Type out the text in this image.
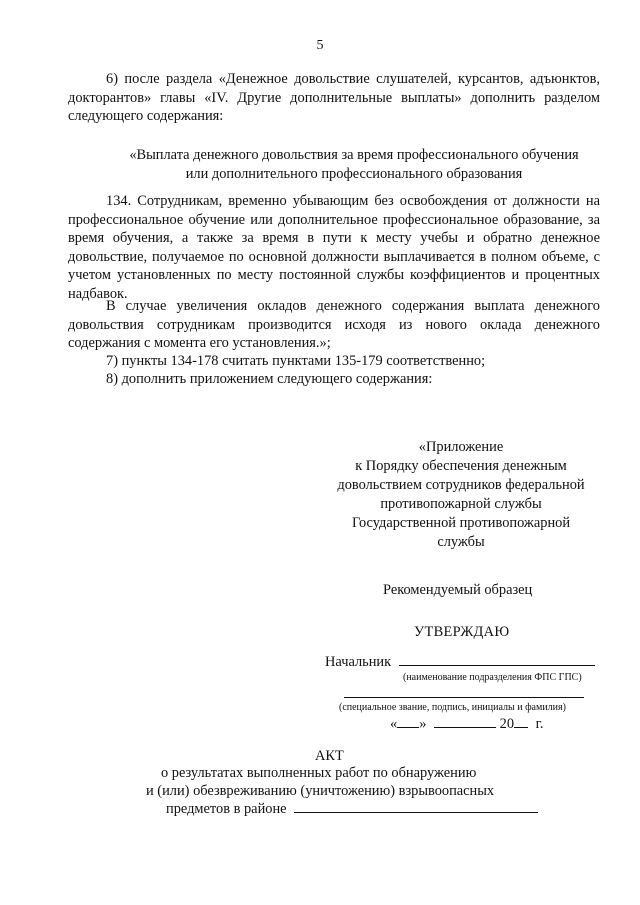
5

6) после раздела «Денежное довольствие слушателей, курсантов, адъюнктов, докторантов» главы «IV. Другие дополнительные выплаты» дополнить разделом следующего содержания:

«Выплата денежного довольствия за время профессионального обучения
или дополнительного профессионального образования

134. Сотрудникам, временно убывающим без освобождения от должности на профессиональное обучение или дополнительное профессиональное образование, за время обучения, а также за время в пути к месту учебы и обратно денежное довольствие, получаемое по основной должности выплачивается в полном объеме, с учетом установленных по месту постоянной службы коэффициентов и процентных надбавок.

В случае увеличения окладов денежного содержания выплата денежного довольствия сотрудникам производится исходя из нового оклада денежного содержания с момента его установления.»;

7) пункты 134-178 считать пунктами 135-179 соответственно;

8) дополнить приложением следующего содержания:

«Приложение
к Порядку обеспечения денежным
довольствием сотрудников федеральной
противопожарной службы
Государственной противопожарной
службы
Рекомендуемый образец
УТВЕРЖДАЮ
Начальник
(наименование подразделения ФПС ГПС)
(специальное звание, подпись, инициалы и фамилия)
« »	20 г.
АКТ
о результатах выполненных работ по обнаружению
и (или) обезвреживанию (уничтожению) взрывоопасных
предметов в районе
